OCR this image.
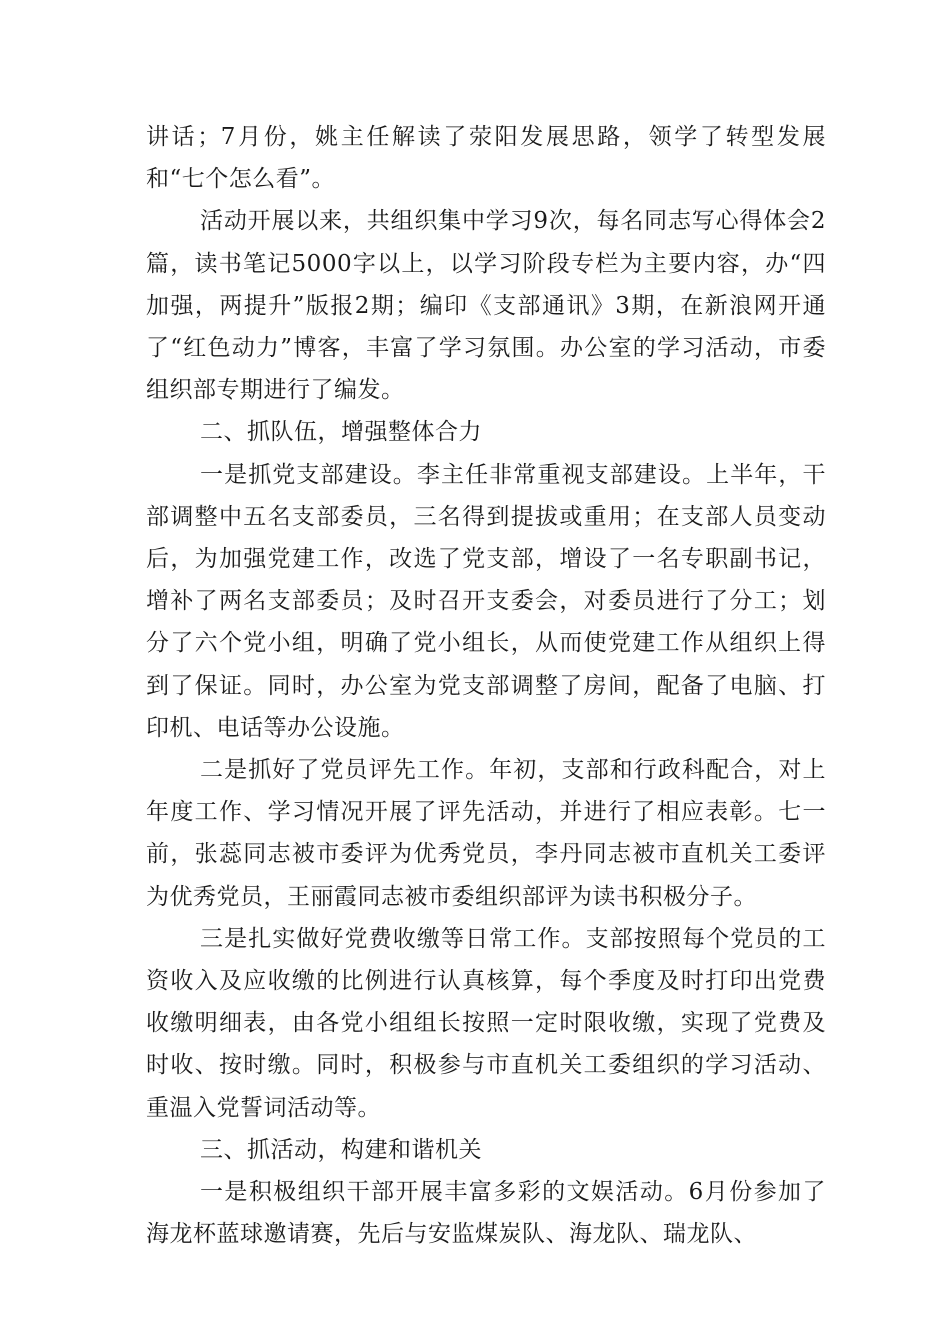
讲话；7月份，姚主任解读了荥阳发展思路，领学了转型发展和“七个怎么看”。

活动开展以来，共组织集中学习9次，每名同志写心得体会2篇，读书笔记5000字以上，以学习阶段专栏为主要内容，办“四加强，两提升”版报2期；编印《支部通讯》3期，在新浪网开通了“红色动力”博客，丰富了学习氛围。办公室的学习活动，市委组织部专期进行了编发。

二、抓队伍，增强整体合力

一是抓党支部建设。李主任非常重视支部建设。上半年，干部调整中五名支部委员，三名得到提拔或重用；在支部人员变动后，为加强党建工作，改选了党支部，增设了一名专职副书记，增补了两名支部委员；及时召开支委会，对委员进行了分工；划分了六个党小组，明确了党小组长，从而使党建工作从组织上得到了保证。同时，办公室为党支部调整了房间，配备了电脑、打印机、电话等办公设施。

二是抓好了党员评先工作。年初，支部和行政科配合，对上年度工作、学习情况开展了评先活动，并进行了相应表彰。七一前，张蕊同志被市委评为优秀党员，李丹同志被市直机关工委评为优秀党员，王丽霞同志被市委组织部评为读书积极分子。

三是扎实做好党费收缴等日常工作。支部按照每个党员的工资收入及应收缴的比例进行认真核算，每个季度及时打印出党费收缴明细表，由各党小组组长按照一定时限收缴，实现了党费及时收、按时缴。同时，积极参与市直机关工委组织的学习活动、重温入党誓词活动等。

三、抓活动，构建和谐机关

一是积极组织干部开展丰富多彩的文娱活动。6月份参加了海龙杯蓝球邀请赛，先后与安监煤炭队、海龙队、瑞龙队、
